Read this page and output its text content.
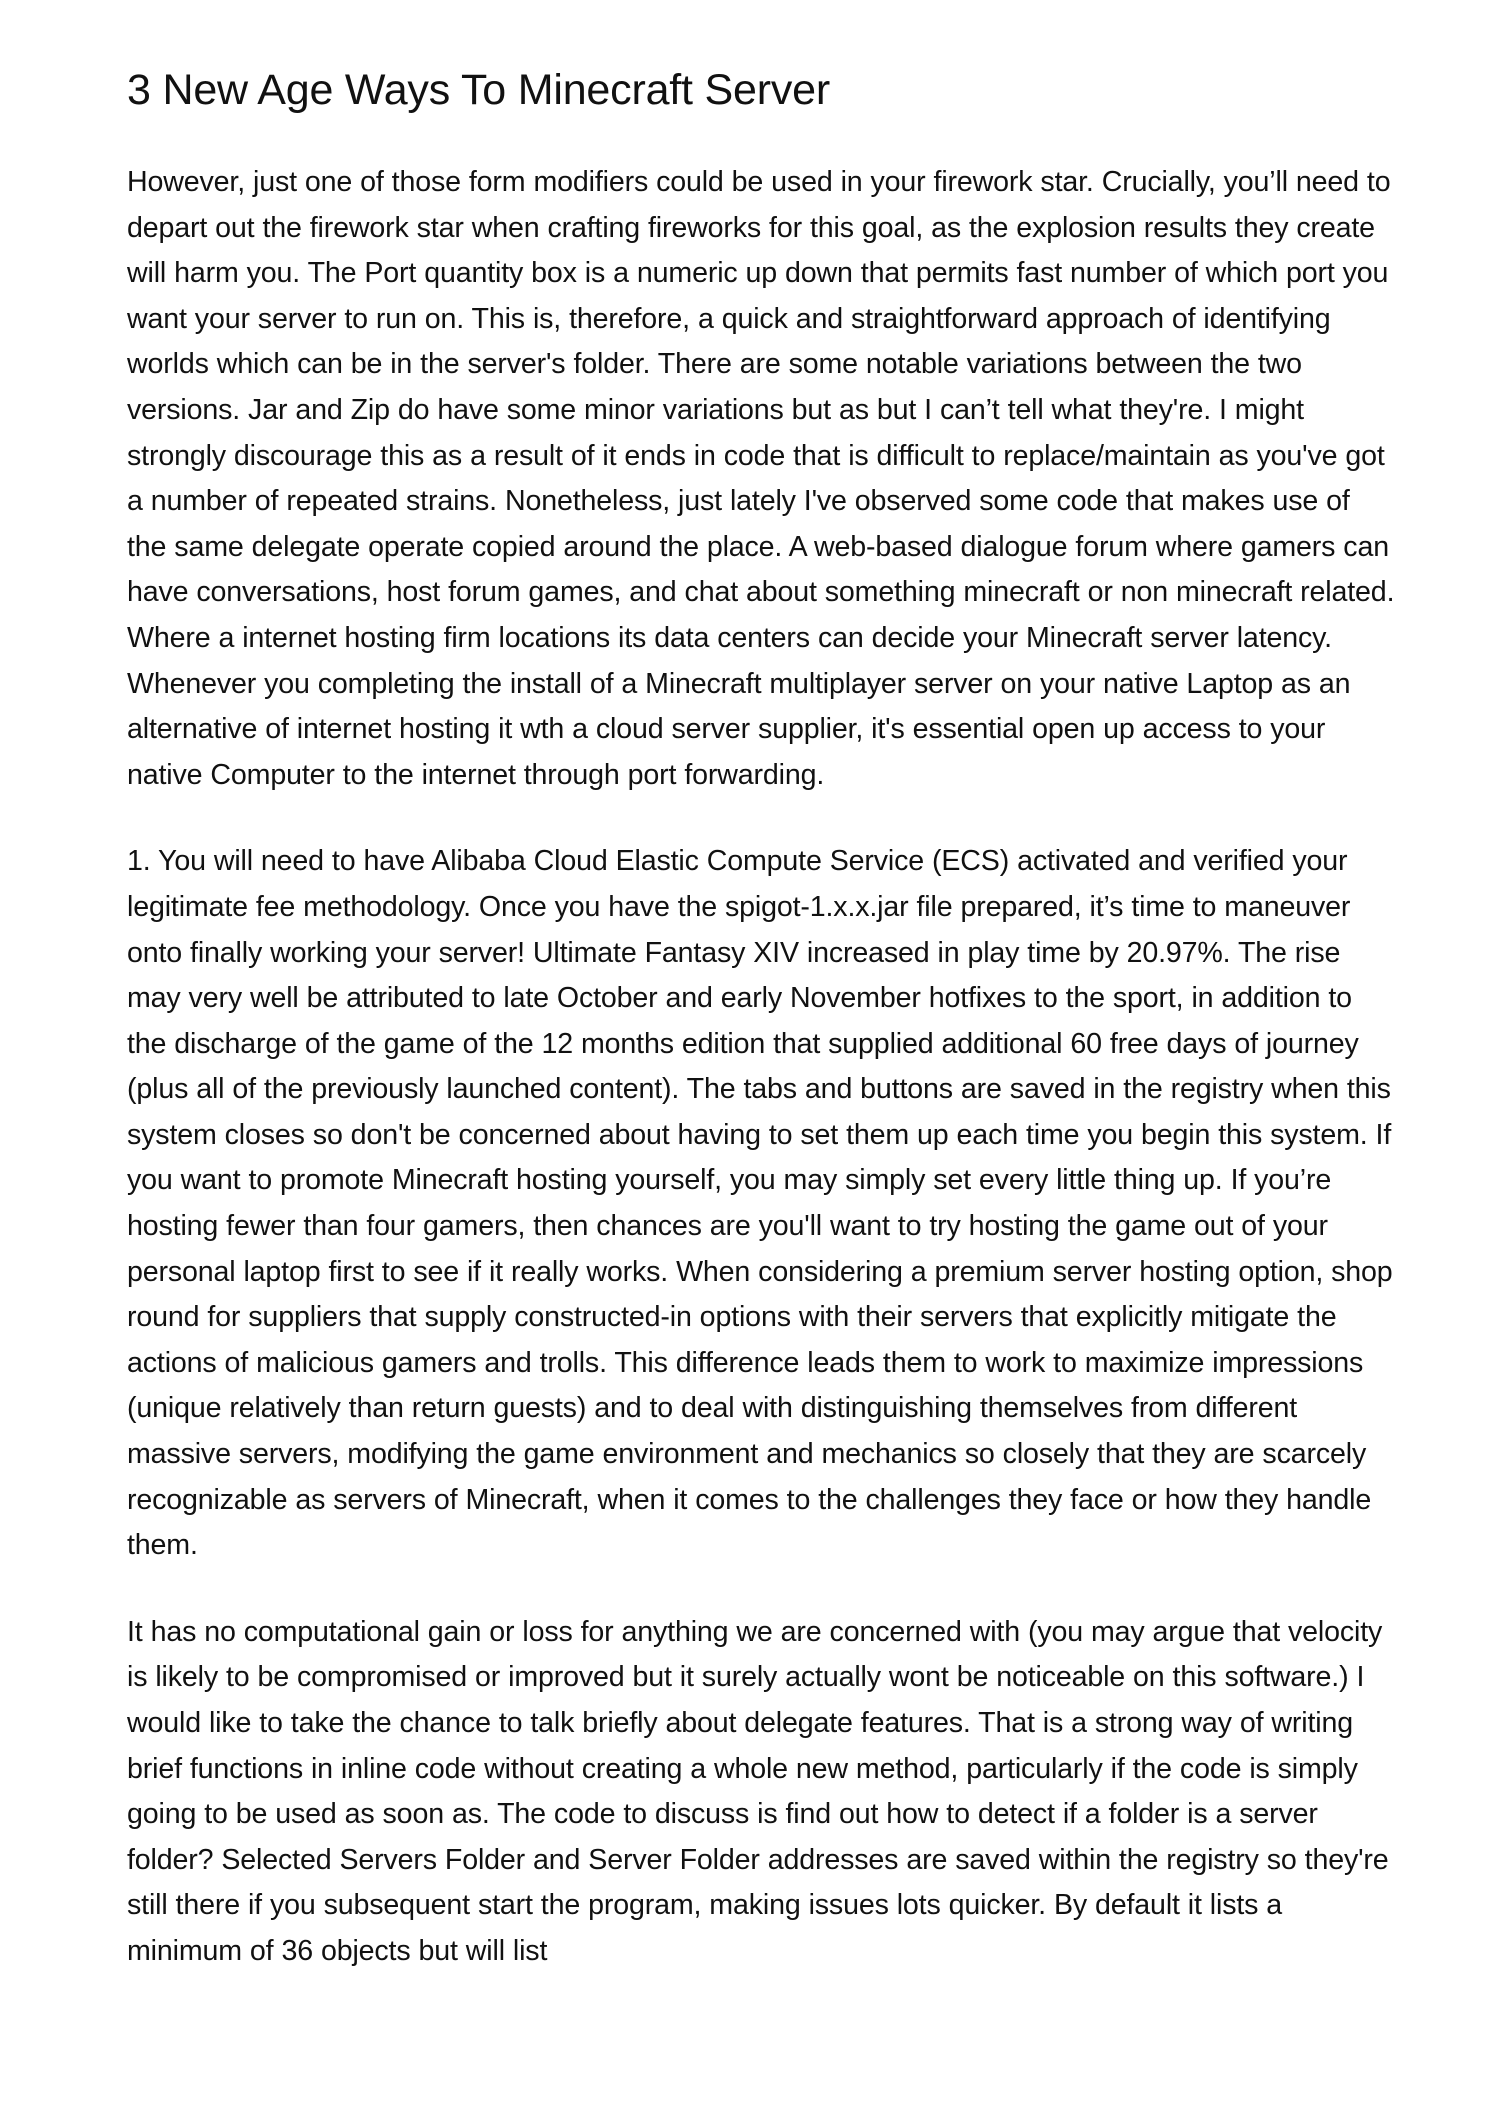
3 New Age Ways To Minecraft Server

However, just one of those form modifiers could be used in your firework star. Crucially, you’ll need to depart out the firework star when crafting fireworks for this goal, as the explosion results they create will harm you. The Port quantity box is a numeric up down that permits fast number of which port you want your server to run on. This is, therefore, a quick and straightforward approach of identifying worlds which can be in the server's folder. There are some notable variations between the two versions. Jar and Zip do have some minor variations but as but I can’t tell what they're. I might strongly discourage this as a result of it ends in code that is difficult to replace/maintain as you've got a number of repeated strains. Nonetheless, just lately I've observed some code that makes use of the same delegate operate copied around the place. A web-based dialogue forum where gamers can have conversations, host forum games, and chat about something minecraft or non minecraft related. Where a internet hosting firm locations its data centers can decide your Minecraft server latency. Whenever you completing the install of a Minecraft multiplayer server on your native Laptop as an alternative of internet hosting it wth a cloud server supplier, it's essential open up access to your native Computer to the internet through port forwarding.

1. You will need to have Alibaba Cloud Elastic Compute Service (ECS) activated and verified your legitimate fee methodology. Once you have the spigot-1.x.x.jar file prepared, it’s time to maneuver onto finally working your server! Ultimate Fantasy XIV increased in play time by 20.97%. The rise may very well be attributed to late October and early November hotfixes to the sport, in addition to the discharge of the game of the 12 months edition that supplied additional 60 free days of journey (plus all of the previously launched content). The tabs and buttons are saved in the registry when this system closes so don't be concerned about having to set them up each time you begin this system. If you want to promote Minecraft hosting yourself, you may simply set every little thing up. If you’re hosting fewer than four gamers, then chances are you'll want to try hosting the game out of your personal laptop first to see if it really works. When considering a premium server hosting option, shop round for suppliers that supply constructed-in options with their servers that explicitly mitigate the actions of malicious gamers and trolls. This difference leads them to work to maximize impressions (unique relatively than return guests) and to deal with distinguishing themselves from different massive servers, modifying the game environment and mechanics so closely that they are scarcely recognizable as servers of Minecraft, when it comes to the challenges they face or how they handle them.

It has no computational gain or loss for anything we are concerned with (you may argue that velocity is likely to be compromised or improved but it surely actually wont be noticeable on this software.) I would like to take the chance to talk briefly about delegate features. That is a strong way of writing brief functions in inline code without creating a whole new method, particularly if the code is simply going to be used as soon as. The code to discuss is find out how to detect if a folder is a server folder? Selected Servers Folder and Server Folder addresses are saved within the registry so they're still there if you subsequent start the program, making issues lots quicker. By default it lists a minimum of 36 objects but will list
